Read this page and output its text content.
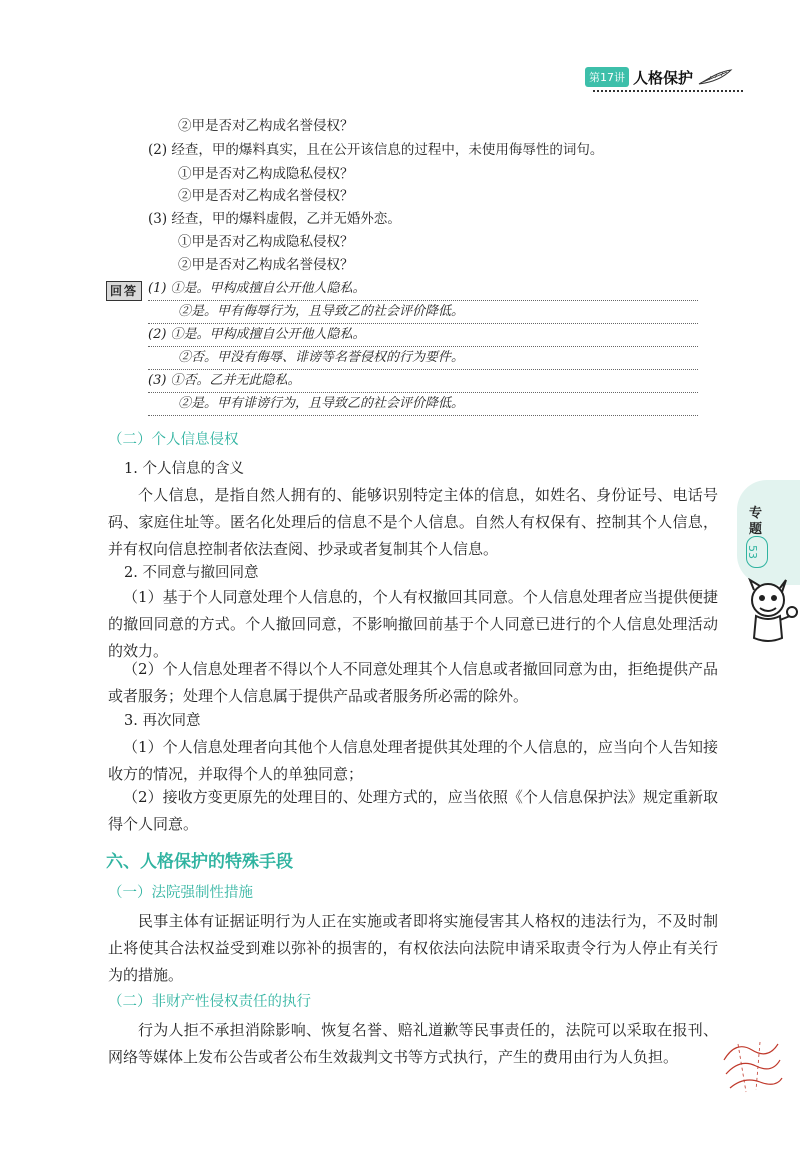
第17讲 人格保护
②甲是否对乙构成名誉侵权？
(2) 经查，甲的爆料真实，且在公开该信息的过程中，未使用侮辱性的词句。
①甲是否对乙构成隐私侵权？
②甲是否对乙构成名誉侵权？
(3) 经查，甲的爆料虚假，乙并无婚外恋。
①甲是否对乙构成隐私侵权？
②甲是否对乙构成名誉侵权？
回答 (1) ①是。甲构成擅自公开他人隐私。
②是。甲有侮辱行为，且导致乙的社会评价降低。
(2) ①是。甲构成擅自公开他人隐私。
②否。甲没有侮辱、诽谤等名誉侵权的行为要件。
(3) ①否。乙并无此隐私。
②是。甲有诽谤行为，且导致乙的社会评价降低。
（二）个人信息侵权
1. 个人信息的含义
个人信息，是指自然人拥有的、能够识别特定主体的信息，如姓名、身份证号、电话号码、家庭住址等。匿名化处理后的信息不是个人信息。自然人有权保有、控制其个人信息，并有权向信息控制者依法查阅、抄录或者复制其个人信息。
2. 不同意与撤回同意
（1）基于个人同意处理个人信息的，个人有权撤回其同意。个人信息处理者应当提供便捷的撤回同意的方式。个人撤回同意，不影响撤回前基于个人同意已进行的个人信息处理活动的效力。
（2）个人信息处理者不得以个人不同意处理其个人信息或者撤回同意为由，拒绝提供产品或者服务；处理个人信息属于提供产品或者服务所必需的除外。
3. 再次同意
（1）个人信息处理者向其他个人信息处理者提供其处理的个人信息的，应当向个人告知接收方的情况，并取得个人的单独同意；
（2）接收方变更原先的处理目的、处理方式的，应当依照《个人信息保护法》规定重新取得个人同意。
六、人格保护的特殊手段
（一）法院强制性措施
民事主体有证据证明行为人正在实施或者即将实施侵害其人格权的违法行为，不及时制止将使其合法权益受到难以弥补的损害的，有权依法向法院申请采取责令行为人停止有关行为的措施。
（二）非财产性侵权责任的执行
行为人拒不承担消除影响、恢复名誉、赔礼道歉等民事责任的，法院可以采取在报刊、网络等媒体上发布公告或者公布生效裁判文书等方式执行，产生的费用由行为人负担。
专
题
53
